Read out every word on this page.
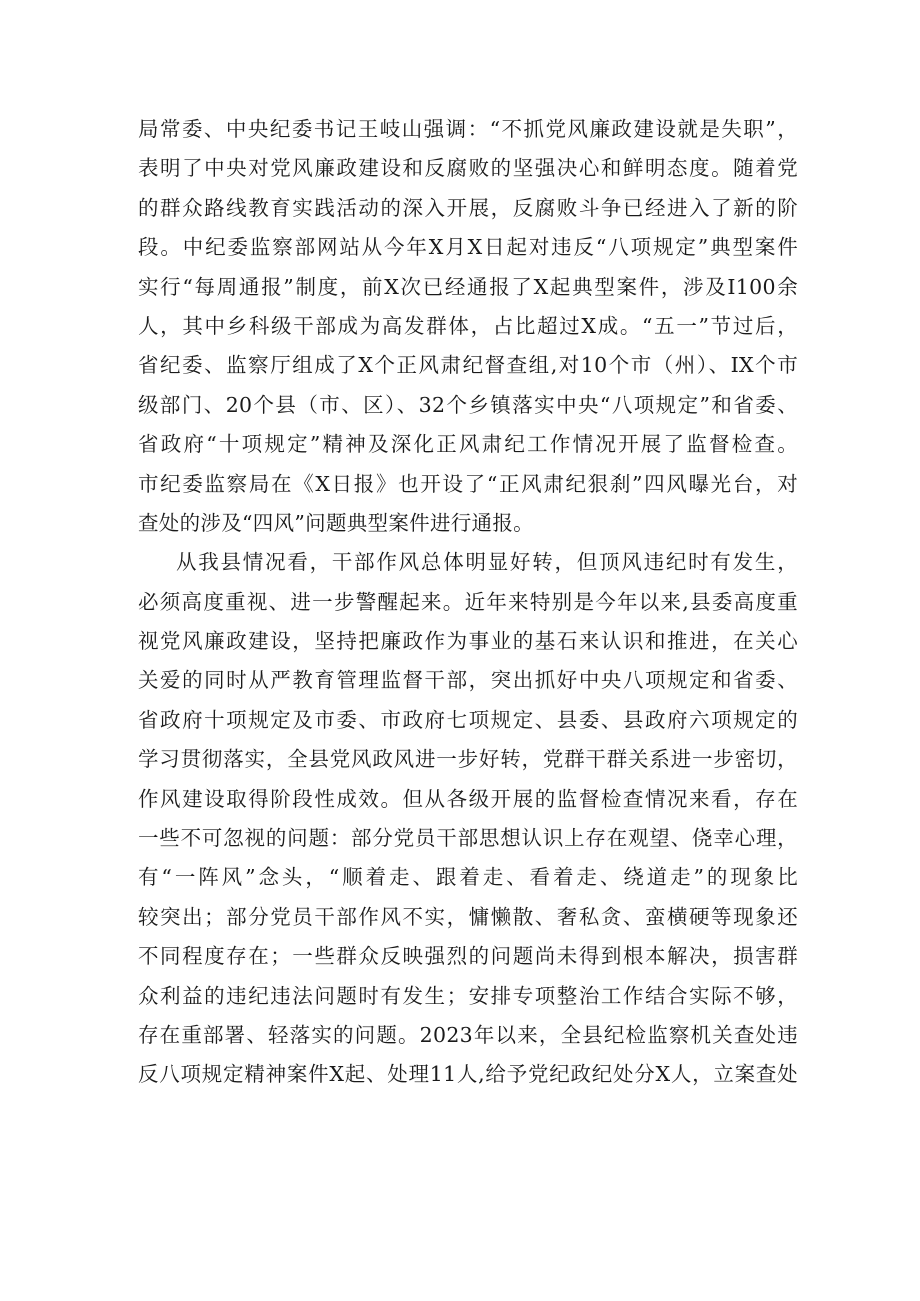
局常委、中央纪委书记王岐山强调：“不抓党风廉政建设就是失职”，
表明了中央对党风廉政建设和反腐败的坚强决心和鲜明态度。随着党
的群众路线教育实践活动的深入开展，反腐败斗争已经进入了新的阶
段。中纪委监察部网站从今年X月X日起对违反“八项规定”典型案件
实行“每周通报”制度，前X次已经通报了X起典型案件，涉及I100余
人，其中乡科级干部成为高发群体，占比超过X成。“五一”节过后，
省纪委、监察厅组成了X个正风肃纪督查组,对10个市（州）、IX个市
级部门、20个县（市、区）、32个乡镇落实中央“八项规定”和省委、
省政府“十项规定”精神及深化正风肃纪工作情况开展了监督检查。
市纪委监察局在《X日报》也开设了“正风肃纪狠刹”四风曝光台，对
查处的涉及“四风”问题典型案件进行通报。
从我县情况看，干部作风总体明显好转，但顶风违纪时有发生，
必须高度重视、进一步警醒起来。近年来特别是今年以来,县委高度重
视党风廉政建设，坚持把廉政作为事业的基石来认识和推进，在关心
关爱的同时从严教育管理监督干部，突出抓好中央八项规定和省委、
省政府十项规定及市委、市政府七项规定、县委、县政府六项规定的
学习贯彻落实，全县党风政风进一步好转，党群干群关系进一步密切，
作风建设取得阶段性成效。但从各级开展的监督检查情况来看，存在
一些不可忽视的问题：部分党员干部思想认识上存在观望、侥幸心理，
有“一阵风”念头，“顺着走、跟着走、看着走、绕道走”的现象比
较突出；部分党员干部作风不实，慵懒散、奢私贪、蛮横硬等现象还
不同程度存在；一些群众反映强烈的问题尚未得到根本解决，损害群
众利益的违纪违法问题时有发生；安排专项整治工作结合实际不够，
存在重部署、轻落实的问题。2023年以来，全县纪检监察机关查处违
反八项规定精神案件X起、处理11人,给予党纪政纪处分X人，立案查处
